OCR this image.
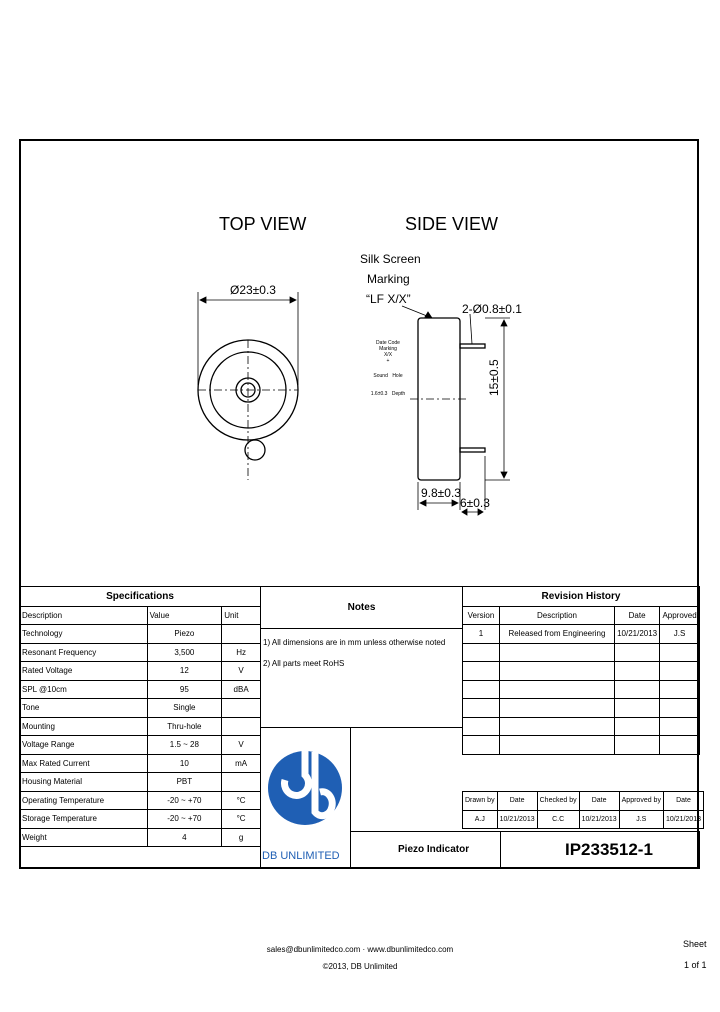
TOP VIEW	SIDE VIEW
Ø23±0.3
Silk Screen
Marking
“LF X/X”
2-Ø0.8±0.1
15±0.5
9.8±0.3
6±0.3
Date Code
Marking
X/X
+
Sound Hole 1.6±0.3 Depth
Specifications		
Description	Value	Unit
Technology	Piezo	
Resonant Frequency	3,500	Hz
Rated Voltage	12	V
SPL @10cm	95	dBA
Tone	Single	
Mounting	Thru-hole	
Voltage Range	1.5 ~ 28	V
Max Rated Current	10	mA
Housing Material	PBT	
Operating Temperature	-20 ~ +70	°C
Storage Temperature	-20 ~ +70	°C
Weight	4	g
Notes

1) All dimensions are in mm unless otherwise noted
2) All parts meet RoHS
Revision History			
Version	Description	Date	Approved
1	Released from Engineering	10/21/2013	J.S

Drawn by	Date	Checked by	Date	Approved by	Date
A.J	10/21/2013	C.C	10/21/2013	J.S	10/21/2013
DB UNLIMITED
Piezo Indicator	IP233512-1
sales@dbunlimitedco.com · www.dbunlimitedco.com
©2013, DB Unlimited
Sheet
1 of 1
